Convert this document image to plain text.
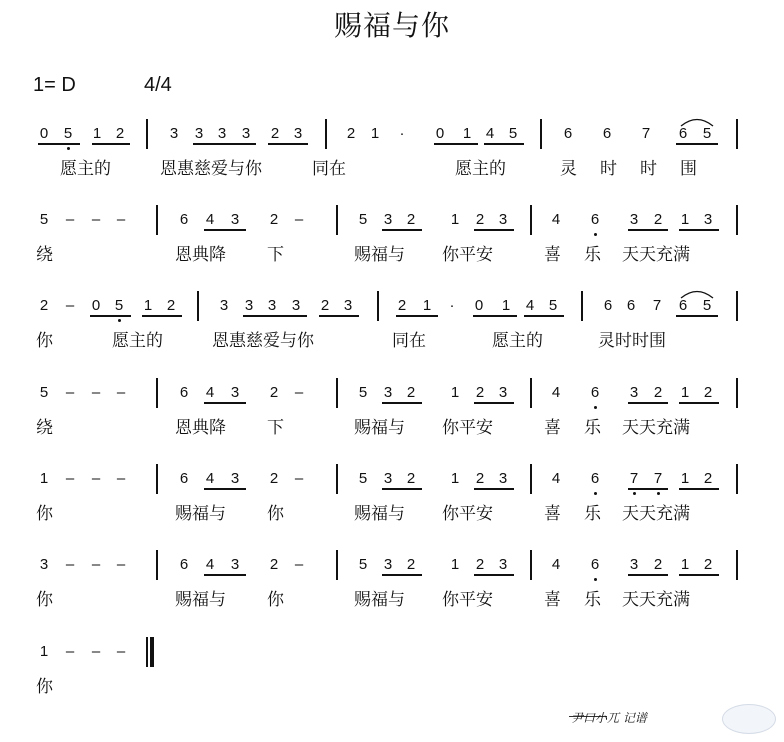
赐福与你
1= D	4/4
0 5 1 2	3 3 3 3 2 3	2 1 · 0 1 4 5	6 6 7 6 5
愿主的	恩惠慈爱与你	同在	愿主的	灵 时 时 围
5 – – –	6 4 3 2 –	5 3 2 1 2 3	4 6 3 2 1 3
绕	恩典降 下	赐福与 你平安	喜 乐 天天充满
2 – 0 5 1 2	3 3 3 3 2 3	2 1 · 0 1 4 5	6 6 7 6 5
你	愿主的	恩惠慈爱与你	同在	愿主的	灵时时围
5 – – –	6 4 3 2 –	5 3 2 1 2 3	4 6 3 2 1 2
绕	恩典降 下	赐福与 你平安	喜 乐 天天充满
1 – – –	6 4 3 2 –	5 3 2 1 2 3	4 6 7 7 1 2
你	赐福与 你	赐福与 你平安	喜 乐 天天充满
3 – – –	6 4 3 2 –	5 3 2 1 2 3	4 6 3 2 1 2
你	赐福与 你	赐福与 你平安	喜 乐 天天充满
1 – – –
你
尹口小兀 记谱
